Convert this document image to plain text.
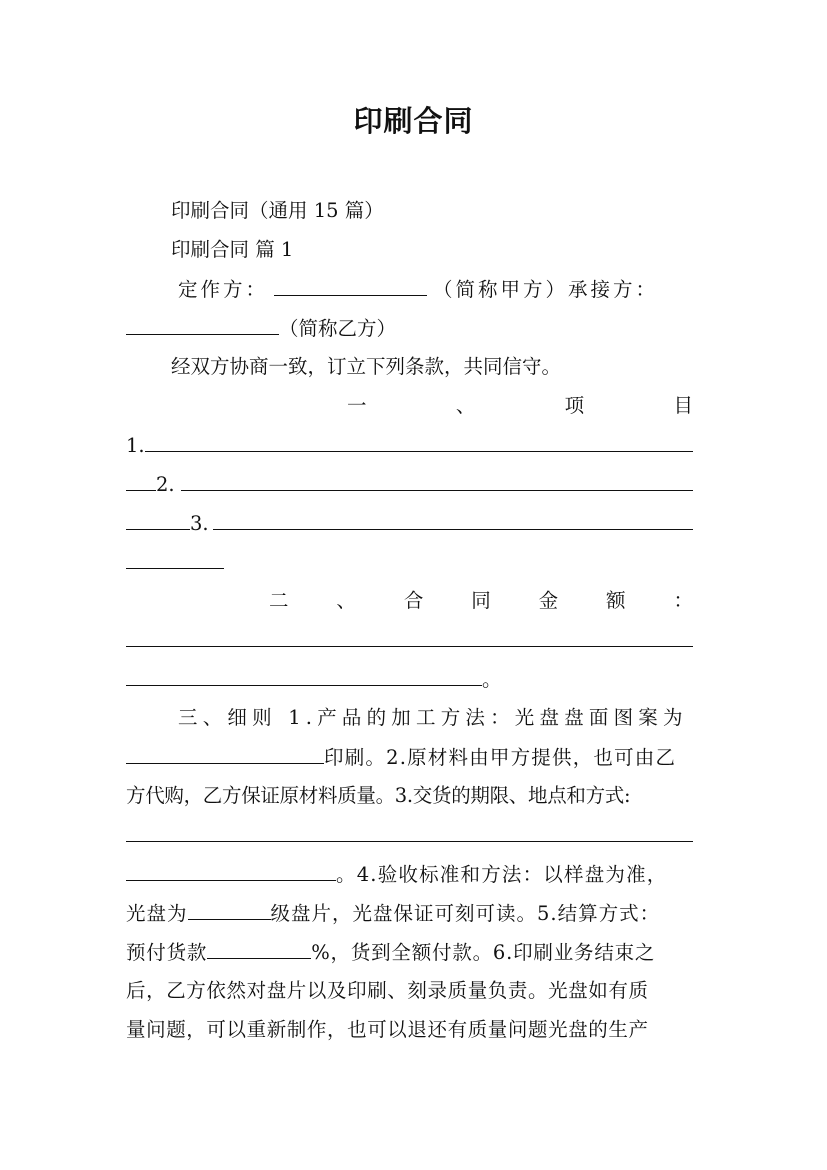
印刷合同
印刷合同（通用 15 篇）
印刷合同 篇 1
定作方：	（简称甲方）承接方：
（简称乙方）
经双方协商一致，订立下列条款，共同信守。
一	、	项	目
1.
2.
3.
二 、 合 同 金 额 ：
。
三、细则 1.产品的加工方法：光盘盘面图案为
印刷。2.原材料由甲方提供，也可由乙
方代购，乙方保证原材料质量。3.交货的期限、地点和方式:
。4.验收标准和方法：以样盘为准，
光盘为	级盘片，光盘保证可刻可读。5.结算方式：
预付货款	%，货到全额付款。6.印刷业务结束之
后，乙方依然对盘片以及印刷、刻录质量负责。光盘如有质
量问题，可以重新制作，也可以退还有质量问题光盘的生产
